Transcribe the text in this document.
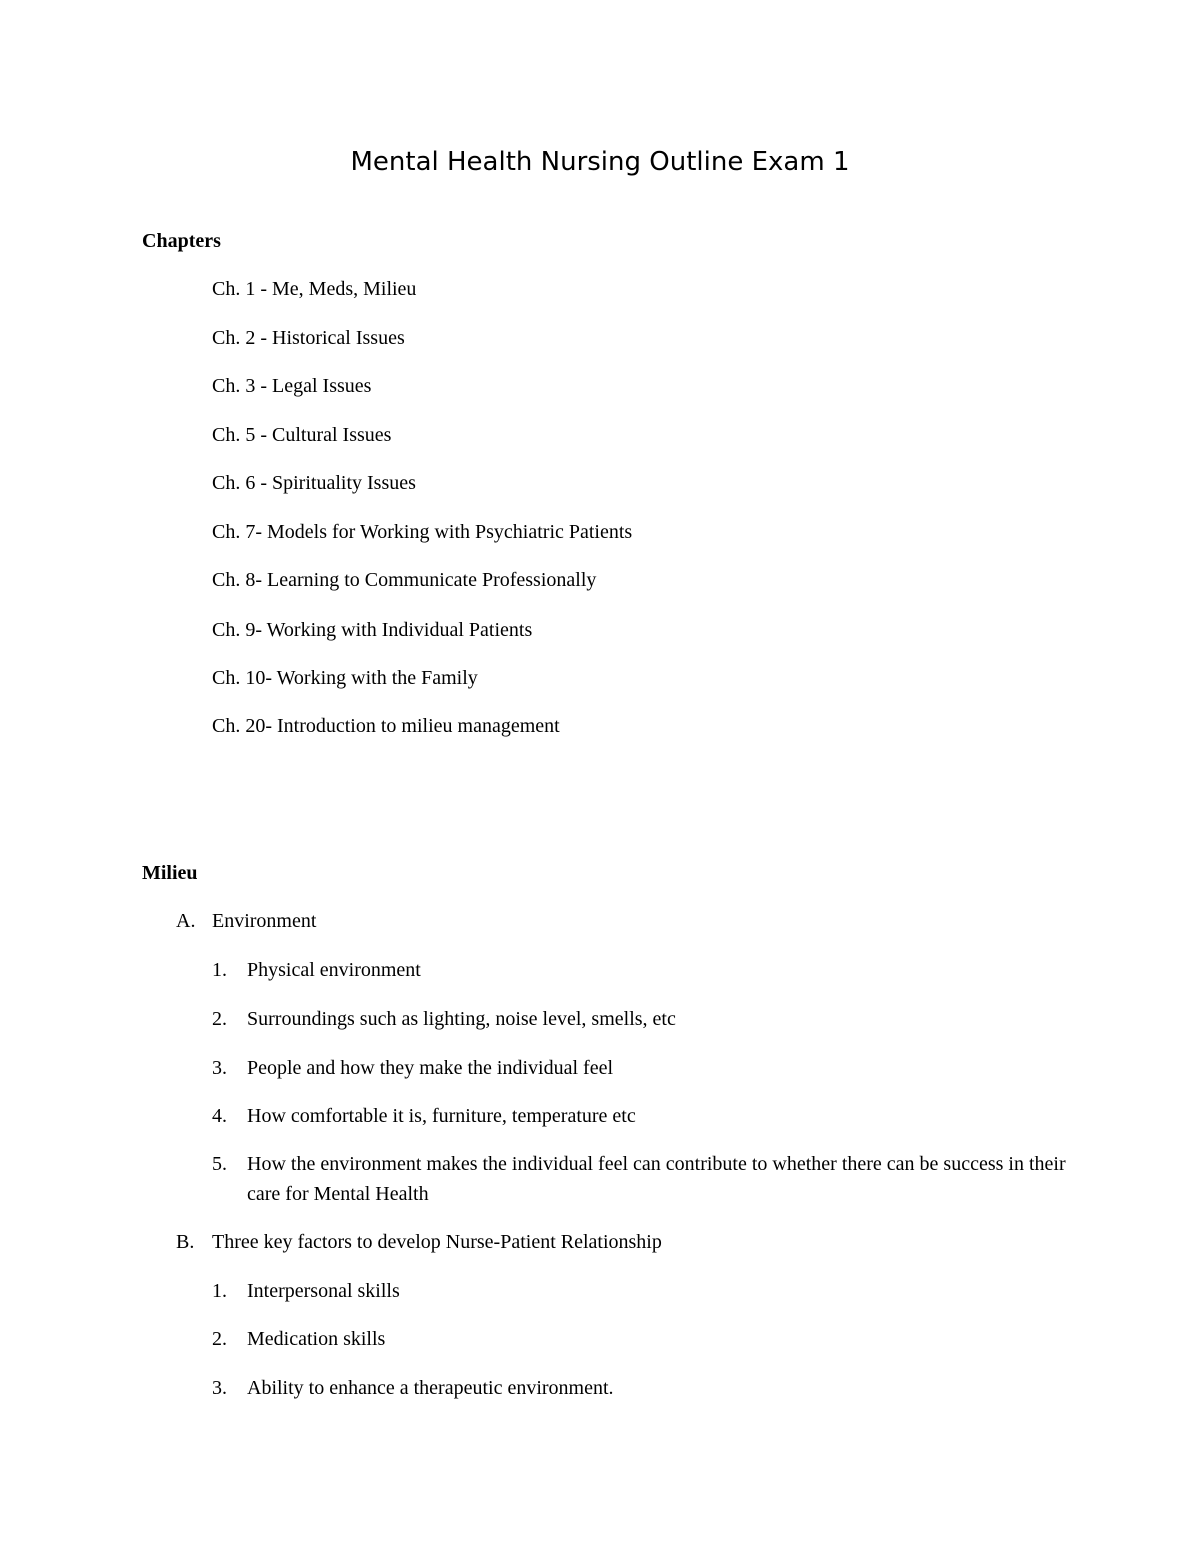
Mental Health Nursing Outline Exam 1
Chapters
Ch. 1 - Me, Meds, Milieu
Ch. 2 - Historical Issues
Ch. 3 - Legal Issues
Ch. 5 - Cultural Issues
Ch. 6 - Spirituality Issues
Ch. 7- Models for Working with Psychiatric Patients
Ch. 8- Learning to Communicate Professionally
Ch. 9- Working with Individual Patients
Ch. 10- Working with the Family
Ch. 20- Introduction to milieu management
Milieu
A. Environment
1. Physical environment
2. Surroundings such as lighting, noise level, smells, etc
3. People and how they make the individual feel
4. How comfortable it is, furniture, temperature etc
5. How the environment makes the individual feel can contribute to whether there can be success in their care for Mental Health
B. Three key factors to develop Nurse-Patient Relationship
1. Interpersonal skills
2. Medication skills
3. Ability to enhance a therapeutic environment.
